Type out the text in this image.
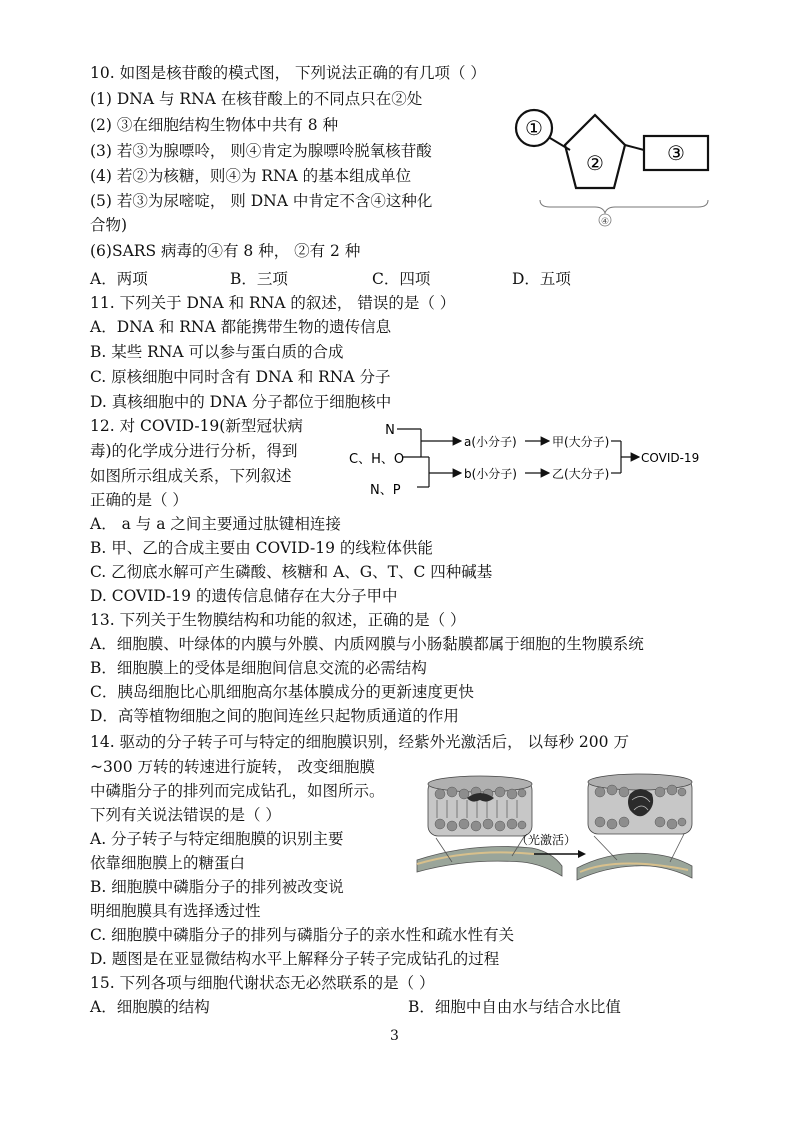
10. 如图是核苷酸的模式图， 下列说法正确的有几项（ ）
(1) DNA 与 RNA 在核苷酸上的不同点只在②处
(2) ③在细胞结构生物体中共有 8 种
(3) 若③为腺嘌呤， 则④肯定为腺嘌呤脱氧核苷酸
(4) 若②为核糖，则④为 RNA 的基本组成单位
(5) 若③为尿嘧啶， 则 DNA 中肯定不含④这种化
合物)
(6)SARS 病毒的④有 8 种， ②有 2 种
A．两项	B．三项	C．四项	D．五项
①
②	③
④
11. 下列关于 DNA 和 RNA 的叙述， 错误的是（ ）
A．DNA 和 RNA 都能携带生物的遗传信息
B. 某些 RNA 可以参与蛋白质的合成
C. 原核细胞中同时含有 DNA 和 RNA 分子
D. 真核细胞中的 DNA 分子都位于细胞核中
12. 对 COVID-19(新型冠状病
毒)的化学成分进行分析，得到
如图所示组成关系，下列叙述
正确的是（ ）
A． a 与 a 之间主要通过肽键相连接
B. 甲、乙的合成主要由 COVID-19 的线粒体供能
C. 乙彻底水解可产生磷酸、核糖和 A、G、T、C 四种碱基
D. COVID-19 的遗传信息储存在大分子甲中
N
C、H、O
N、P
a(小分子)
b(小分子)
甲(大分子)
乙(大分子)
COVID-19
13. 下列关于生物膜结构和功能的叙述，正确的是（ ）
A．细胞膜、叶绿体的内膜与外膜、内质网膜与小肠黏膜都属于细胞的生物膜系统
B．细胞膜上的受体是细胞间信息交流的必需结构
C．胰岛细胞比心肌细胞高尔基体膜成分的更新速度更快
D．高等植物细胞之间的胞间连丝只起物质通道的作用
14. 驱动的分子转子可与特定的细胞膜识别，经紫外光激活后， 以每秒 200 万
~300 万转的转速进行旋转， 改变细胞膜
中磷脂分子的排列而完成钻孔，如图所示。
下列有关说法错误的是（ ）
A. 分子转子与特定细胞膜的识别主要
依靠细胞膜上的糖蛋白
B. 细胞膜中磷脂分子的排列被改变说
明细胞膜具有选择透过性
C. 细胞膜中磷脂分子的排列与磷脂分子的亲水性和疏水性有关
D. 题图是在亚显微结构水平上解释分子转子完成钻孔的过程
（光激活）
15. 下列各项与细胞代谢状态无必然联系的是（ ）
A．细胞膜的结构	B．细胞中自由水与结合水比值
3
